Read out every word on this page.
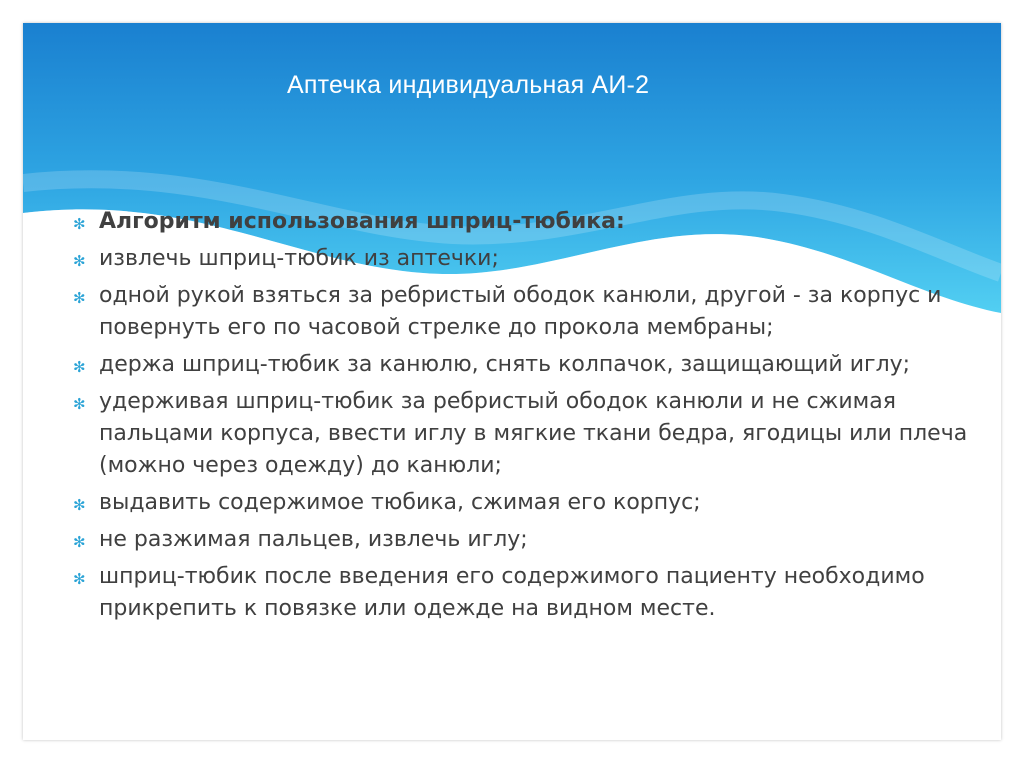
Аптечка индивидуальная АИ-2
✻ Алгоритм использования шприц-тюбика:
✻ извлечь шприц-тюбик из аптечки;
✻ одной рукой взяться за ребристый ободок канюли, другой - за корпус и повернуть его по часовой стрелке до прокола мембраны;
✻ держа шприц-тюбик за канюлю, снять колпачок, защищающий иглу;
✻ удерживая шприц-тюбик за ребристый ободок канюли и не сжимая пальцами корпуса, ввести иглу в мягкие ткани бедра, ягодицы или плеча (можно через одежду) до канюли;
✻ выдавить содержимое тюбика, сжимая его корпус;
✻ не разжимая пальцев, извлечь иглу;
✻ шприц-тюбик после введения его содержимого пациенту необходимо прикрепить к повязке или одежде на видном месте.
